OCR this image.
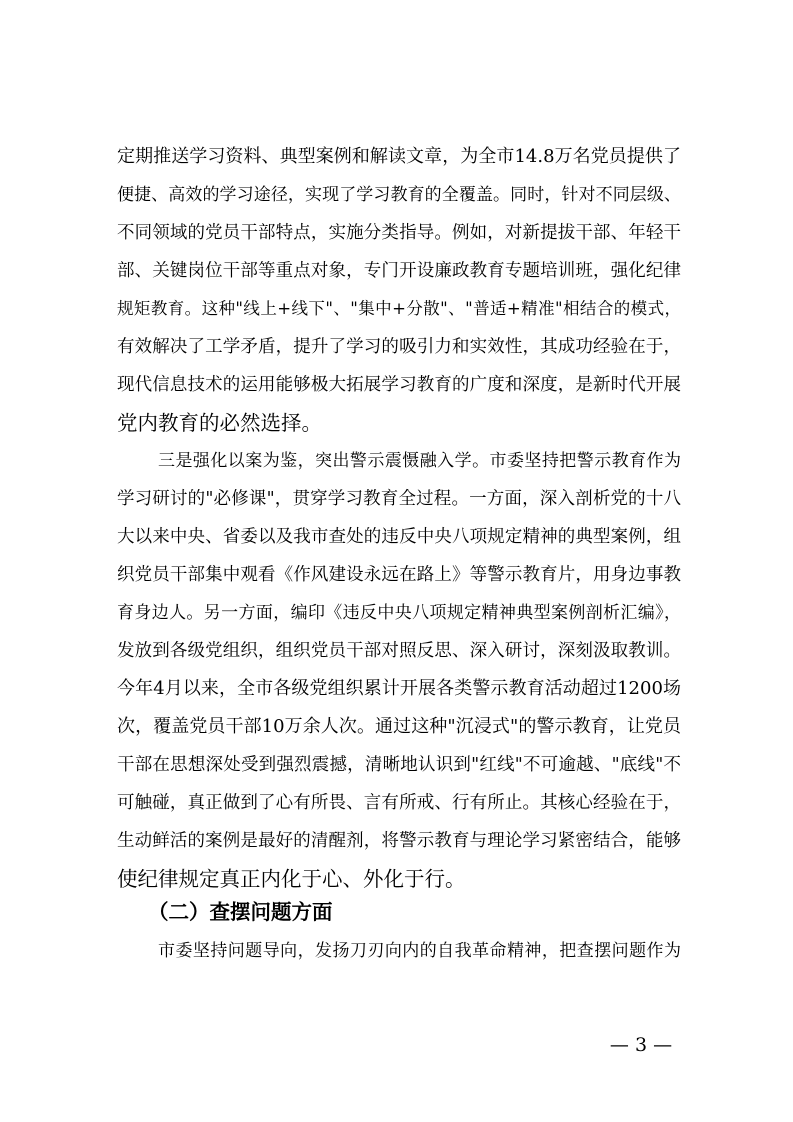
定期推送学习资料、典型案例和解读文章，为全市14.8万名党员提供了
便捷、高效的学习途径，实现了学习教育的全覆盖。同时，针对不同层级、
不同领域的党员干部特点，实施分类指导。例如，对新提拔干部、年轻干
部、关键岗位干部等重点对象，专门开设廉政教育专题培训班，强化纪律
规矩教育。这种"线上+线下"、"集中+分散"、"普适+精准"相结合的模式，
有效解决了工学矛盾，提升了学习的吸引力和实效性，其成功经验在于，
现代信息技术的运用能够极大拓展学习教育的广度和深度，是新时代开展
党内教育的必然选择。
三是强化以案为鉴，突出警示震慑融入学。市委坚持把警示教育作为
学习研讨的"必修课"，贯穿学习教育全过程。一方面，深入剖析党的十八
大以来中央、省委以及我市查处的违反中央八项规定精神的典型案例，组
织党员干部集中观看《作风建设永远在路上》等警示教育片，用身边事教
育身边人。另一方面，编印《违反中央八项规定精神典型案例剖析汇编》，
发放到各级党组织，组织党员干部对照反思、深入研讨，深刻汲取教训。
今年4月以来，全市各级党组织累计开展各类警示教育活动超过1200场
次，覆盖党员干部10万余人次。通过这种"沉浸式"的警示教育，让党员
干部在思想深处受到强烈震撼，清晰地认识到"红线"不可逾越、"底线"不
可触碰，真正做到了心有所畏、言有所戒、行有所止。其核心经验在于，
生动鲜活的案例是最好的清醒剂，将警示教育与理论学习紧密结合，能够
使纪律规定真正内化于心、外化于行。
（二）查摆问题方面
市委坚持问题导向，发扬刀刃向内的自我革命精神，把查摆问题作为
— 3 —
